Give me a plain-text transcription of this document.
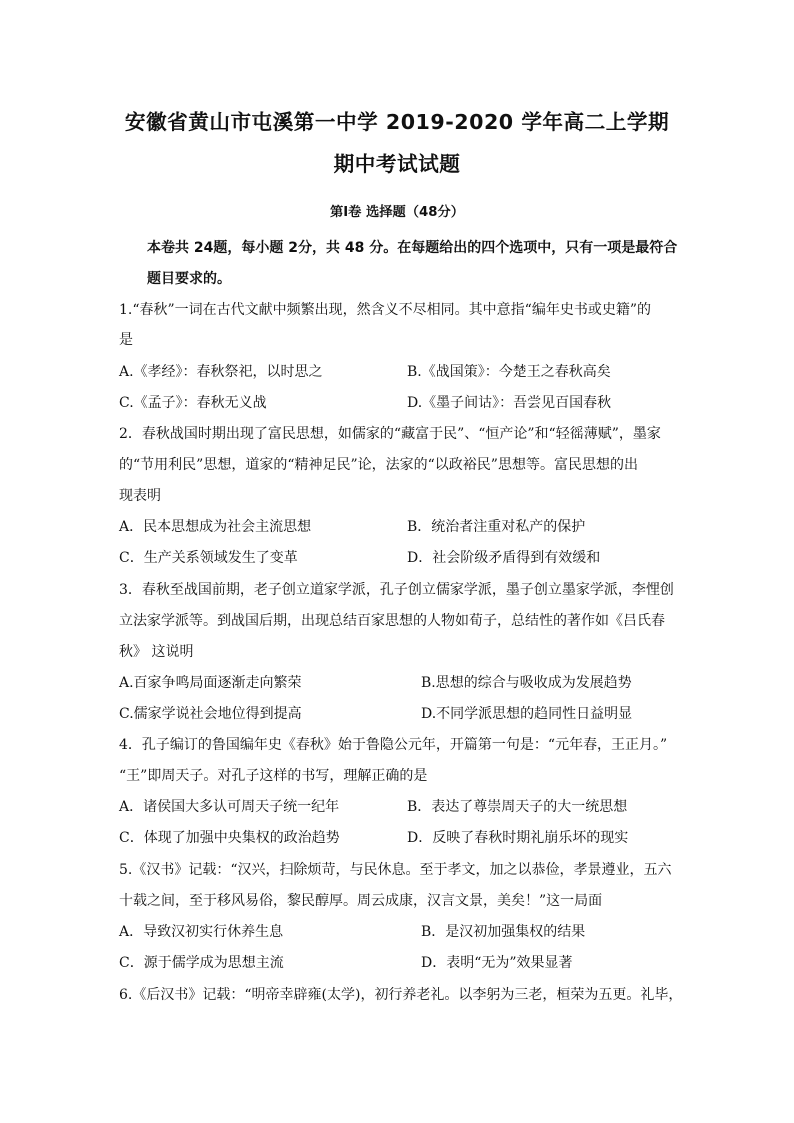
安徽省黄山市屯溪第一中学 2019-2020 学年高二上学期
期中考试试题
第Ⅰ卷 选择题（48分）
本卷共 24题，每小题 2分，共 48 分。在每题给出的四个选项中，只有一项是最符合
题目要求的。
1.“春秋”一词在古代文献中频繁出现，然含义不尽相同。其中意指“编年史书或史籍”的
是
A.《孝经》：春秋祭祀，以时思之	B.《战国策》：今楚王之春秋高矣
C.《孟子》：春秋无义战	D.《墨子间诂》：吾尝见百国春秋
2．春秋战国时期出现了富民思想，如儒家的“藏富于民”、“恒产论”和“轻徭薄赋”，墨家
的“节用利民”思想，道家的“精神足民”论，法家的“以政裕民”思想等。富民思想的出
现表明
A．民本思想成为社会主流思想	B．统治者注重对私产的保护
C．生产关系领域发生了变革	D．社会阶级矛盾得到有效缓和
3．春秋至战国前期，老子创立道家学派，孔子创立儒家学派，墨子创立墨家学派，李悝创
立法家学派等。到战国后期，出现总结百家思想的人物如荀子，总结性的著作如《吕氏春
秋》 这说明
A.百家争鸣局面逐渐走向繁荣	B.思想的综合与吸收成为发展趋势
C.儒家学说社会地位得到提高	D.不同学派思想的趋同性日益明显
4．孔子编订的鲁国编年史《春秋》始于鲁隐公元年，开篇第一句是：“元年春，王正月。”
“王”即周天子。对孔子这样的书写，理解正确的是
A．诸侯国大多认可周天子统一纪年	B．表达了尊崇周天子的大一统思想
C．体现了加强中央集权的政治趋势	D．反映了春秋时期礼崩乐坏的现实
5.《汉书》记载：“汉兴，扫除烦苛，与民休息。至于孝文，加之以恭俭，孝景遵业，五六
十载之间，至于移风易俗，黎民醇厚。周云成康，汉言文景，美矣！”这一局面
A．导致汉初实行休养生息	B．是汉初加强集权的结果
C．源于儒学成为思想主流	D．表明“无为”效果显著
6.《后汉书》记载：“明帝幸辟雍(太学)，初行养老礼。以李躬为三老，桓荣为五更。礼毕，
